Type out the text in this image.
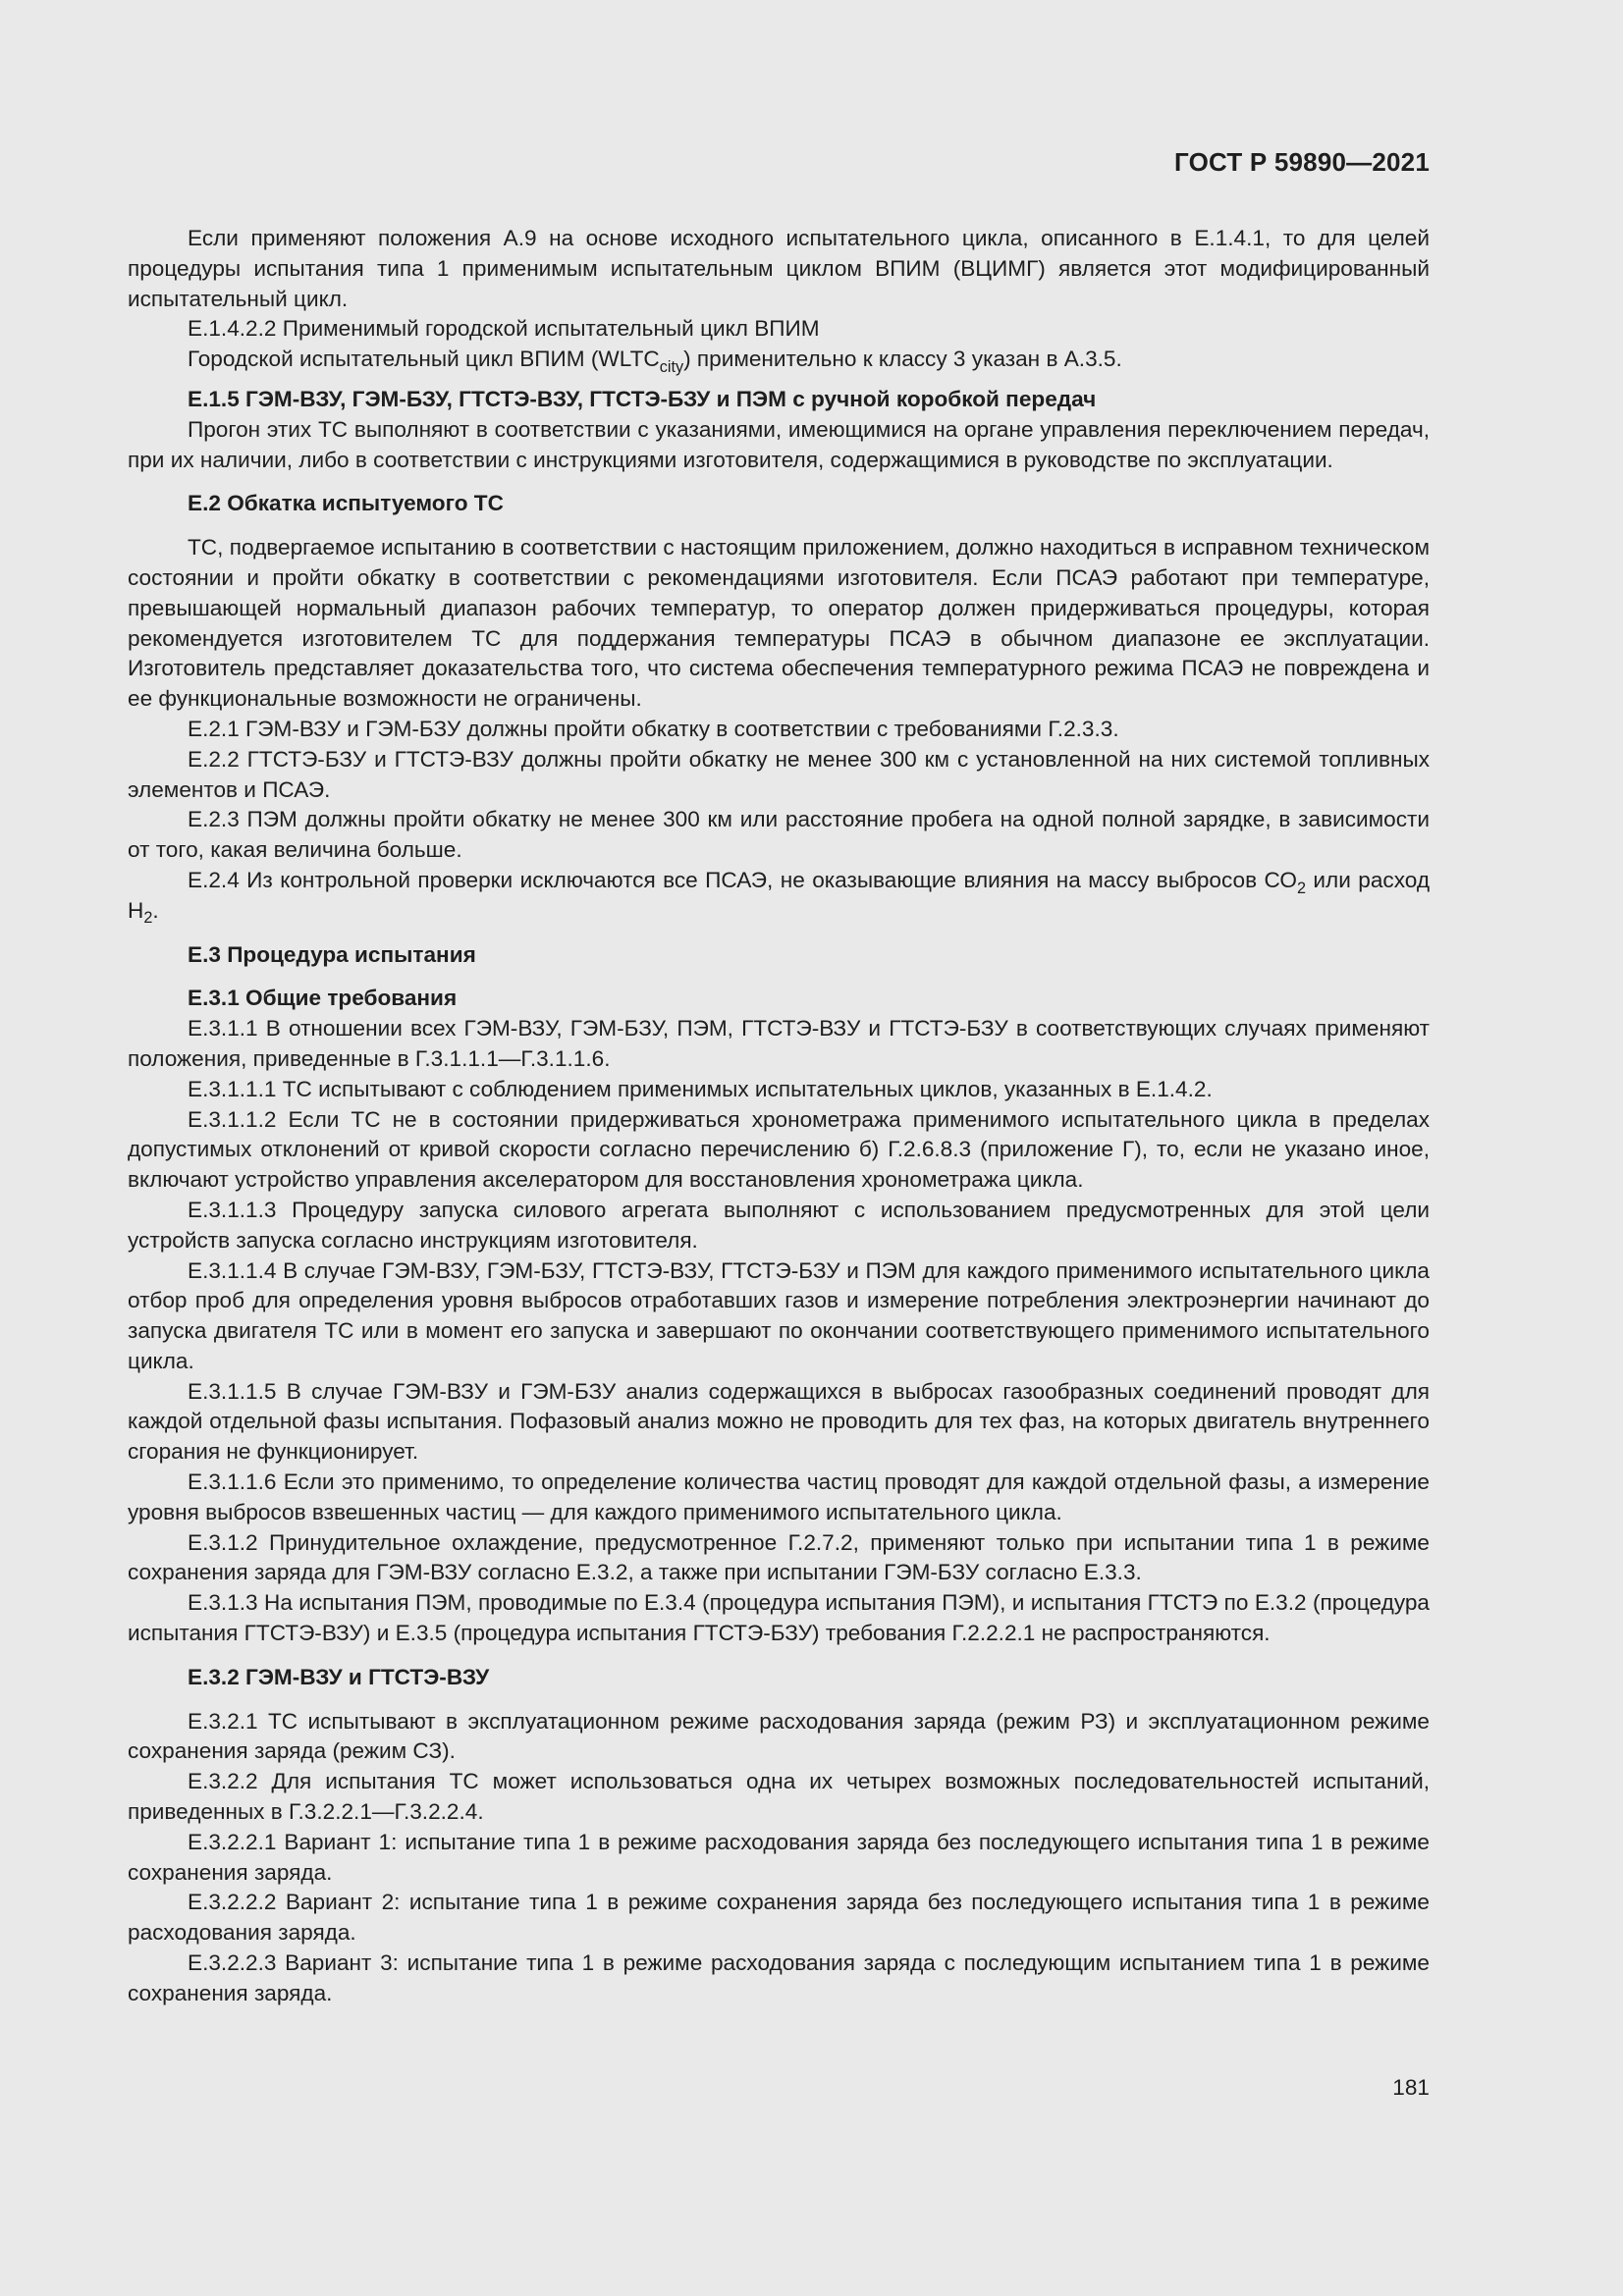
ГОСТ Р 59890—2021

Если применяют положения А.9 на основе исходного испытательного цикла, описанного в Е.1.4.1, то для целей процедуры испытания типа 1 применимым испытательным циклом ВПИМ (ВЦИМГ) является этот модифицированный испытательный цикл.

Е.1.4.2.2 Применимый городской испытательный цикл ВПИМ

Городской испытательный цикл ВПИМ $(WLTC_{city})$ применительно к классу 3 указан в А.3.5.

Е.1.5 ГЭМ-ВЗУ, ГЭМ-БЗУ, ГТСТЭ-ВЗУ, ГТСТЭ-БЗУ и ПЭМ с ручной коробкой передач

Прогон этих ТС выполняют в соответствии с указаниями, имеющимися на органе управления переключением передач, при их наличии, либо в соответствии с инструкциями изготовителя, содержащимися в руководстве по эксплуатации.

Е.2 Обкатка испытуемого ТС

ТС, подвергаемое испытанию в соответствии с настоящим приложением, должно находиться в исправном техническом состоянии и пройти обкатку в соответствии с рекомендациями изготовителя. Если ПСАЭ работают при температуре, превышающей нормальный диапазон рабочих температур, то оператор должен придерживаться процедуры, которая рекомендуется изготовителем ТС для поддержания температуры ПСАЭ в обычном диапазоне ее эксплуатации. Изготовитель представляет доказательства того, что система обеспечения температурного режима ПСАЭ не повреждена и ее функциональные возможности не ограничены.

Е.2.1 ГЭМ-ВЗУ и ГЭМ-БЗУ должны пройти обкатку в соответствии с требованиями Г.2.3.3.

Е.2.2 ГТСТЭ-БЗУ и ГТСТЭ-ВЗУ должны пройти обкатку не менее 300 км с установленной на них системой топливных элементов и ПСАЭ.

Е.2.3 ПЭМ должны пройти обкатку не менее 300 км или расстояние пробега на одной полной зарядке, в зависимости от того, какая величина больше.

Е.2.4 Из контрольной проверки исключаются все ПСАЭ, не оказывающие влияния на массу выбросов $СО_2$ или расход $Н_2$.

Е.3 Процедура испытания

Е.3.1 Общие требования

Е.3.1.1 В отношении всех ГЭМ-ВЗУ, ГЭМ-БЗУ, ПЭМ, ГТСТЭ-ВЗУ и ГТСТЭ-БЗУ в соответствующих случаях применяют положения, приведенные в Г.3.1.1.1—Г.3.1.1.6.

Е.3.1.1.1 ТС испытывают с соблюдением применимых испытательных циклов, указанных в Е.1.4.2.

Е.3.1.1.2 Если ТС не в состоянии придерживаться хронометража применимого испытательного цикла в пределах допустимых отклонений от кривой скорости согласно перечислению б) Г.2.6.8.3 (приложение Г), то, если не указано иное, включают устройство управления акселератором для восстановления хронометража цикла.

Е.3.1.1.3 Процедуру запуска силового агрегата выполняют с использованием предусмотренных для этой цели устройств запуска согласно инструкциям изготовителя.

Е.3.1.1.4 В случае ГЭМ-ВЗУ, ГЭМ-БЗУ, ГТСТЭ-ВЗУ, ГТСТЭ-БЗУ и ПЭМ для каждого применимого испытательного цикла отбор проб для определения уровня выбросов отработавших газов и измерение потребления электроэнергии начинают до запуска двигателя ТС или в момент его запуска и завершают по окончании соответствующего применимого испытательного цикла.

Е.3.1.1.5 В случае ГЭМ-ВЗУ и ГЭМ-БЗУ анализ содержащихся в выбросах газообразных соединений проводят для каждой отдельной фазы испытания. Пофазовый анализ можно не проводить для тех фаз, на которых двигатель внутреннего сгорания не функционирует.

Е.3.1.1.6 Если это применимо, то определение количества частиц проводят для каждой отдельной фазы, а измерение уровня выбросов взвешенных частиц — для каждого применимого испытательного цикла.

Е.3.1.2 Принудительное охлаждение, предусмотренное Г.2.7.2, применяют только при испытании типа 1 в режиме сохранения заряда для ГЭМ-ВЗУ согласно Е.3.2, а также при испытании ГЭМ-БЗУ согласно Е.3.3.

Е.3.1.3 На испытания ПЭМ, проводимые по Е.3.4 (процедура испытания ПЭМ), и испытания ГТСТЭ по Е.3.2 (процедура испытания ГТСТЭ-ВЗУ) и Е.3.5 (процедура испытания ГТСТЭ-БЗУ) требования Г.2.2.2.1 не распространяются.

Е.3.2 ГЭМ-ВЗУ и ГТСТЭ-ВЗУ

Е.3.2.1 ТС испытывают в эксплуатационном режиме расходования заряда (режим РЗ) и эксплуатационном режиме сохранения заряда (режим СЗ).

Е.3.2.2 Для испытания ТС может использоваться одна их четырех возможных последовательностей испытаний, приведенных в Г.3.2.2.1—Г.3.2.2.4.

Е.3.2.2.1 Вариант 1: испытание типа 1 в режиме расходования заряда без последующего испытания типа 1 в режиме сохранения заряда.

Е.3.2.2.2 Вариант 2: испытание типа 1 в режиме сохранения заряда без последующего испытания типа 1 в режиме расходования заряда.

Е.3.2.2.3 Вариант 3: испытание типа 1 в режиме расходования заряда с последующим испытанием типа 1 в режиме сохранения заряда.

181
